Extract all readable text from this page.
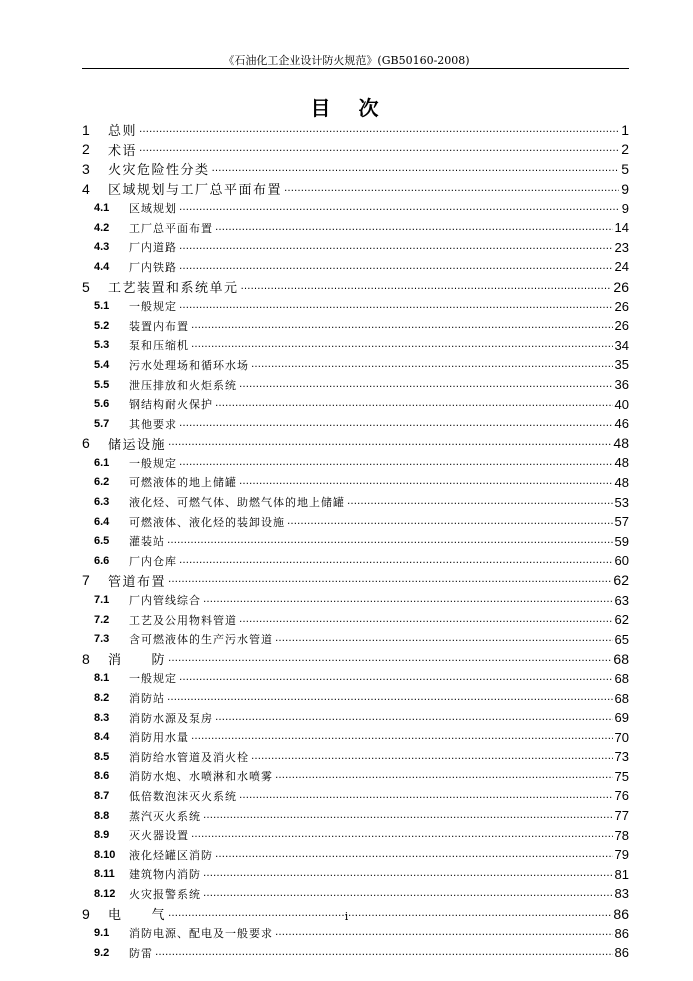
《石油化工企业设计防火规范》(GB50160-2008)
目　次
1	总则 ……………………………………………………………………………………………………………………………………………………………………………………………………	1
2	术语 ……………………………………………………………………………………………………………………………………………………………………………………………………	2
3	火灾危险性分类 ……………………………………………………………………………………………………………………………………………………………………………………………………	5
4	区域规划与工厂总平面布置 ……………………………………………………………………………………………………………………………………………………………………………………………………	9
4.1	区域规划 ……………………………………………………………………………………………………………………………………………………………………………………………………	9
4.2	工厂总平面布置 ……………………………………………………………………………………………………………………………………………………………………………………………………	14
4.3	厂内道路 ……………………………………………………………………………………………………………………………………………………………………………………………………	23
4.4	厂内铁路 ……………………………………………………………………………………………………………………………………………………………………………………………………	24
5	工艺装置和系统单元 ……………………………………………………………………………………………………………………………………………………………………………………………………	26
5.1	一般规定 ……………………………………………………………………………………………………………………………………………………………………………………………………	26
5.2	装置内布置 ……………………………………………………………………………………………………………………………………………………………………………………………………	26
5.3	泵和压缩机 ……………………………………………………………………………………………………………………………………………………………………………………………………	34
5.4	污水处理场和循环水场 ……………………………………………………………………………………………………………………………………………………………………………………………………	35
5.5	泄压排放和火炬系统 ……………………………………………………………………………………………………………………………………………………………………………………………………	36
5.6	钢结构耐火保护 ……………………………………………………………………………………………………………………………………………………………………………………………………	40
5.7	其他要求 ……………………………………………………………………………………………………………………………………………………………………………………………………	46
6	储运设施 ……………………………………………………………………………………………………………………………………………………………………………………………………	48
6.1	一般规定 ……………………………………………………………………………………………………………………………………………………………………………………………………	48
6.2	可燃液体的地上储罐 ……………………………………………………………………………………………………………………………………………………………………………………………………	48
6.3	液化烃、可燃气体、助燃气体的地上储罐 ……………………………………………………………………………………………………………………………………………………………………………………………………	53
6.4	可燃液体、液化烃的装卸设施 ……………………………………………………………………………………………………………………………………………………………………………………………………	57
6.5	灌装站 ……………………………………………………………………………………………………………………………………………………………………………………………………	59
6.6	厂内仓库 ……………………………………………………………………………………………………………………………………………………………………………………………………	60
7	管道布置 ……………………………………………………………………………………………………………………………………………………………………………………………………	62
7.1	厂内管线综合 ……………………………………………………………………………………………………………………………………………………………………………………………………	63
7.2	工艺及公用物料管道 ……………………………………………………………………………………………………………………………………………………………………………………………………	62
7.3	含可燃液体的生产污水管道 ……………………………………………………………………………………………………………………………………………………………………………………………………	65
8	消　　防 ……………………………………………………………………………………………………………………………………………………………………………………………………	68
8.1	一般规定 ……………………………………………………………………………………………………………………………………………………………………………………………………	68
8.2	消防站 ……………………………………………………………………………………………………………………………………………………………………………………………………	68
8.3	消防水源及泵房 ……………………………………………………………………………………………………………………………………………………………………………………………………	69
8.4	消防用水量 ……………………………………………………………………………………………………………………………………………………………………………………………………	70
8.5	消防给水管道及消火栓 ……………………………………………………………………………………………………………………………………………………………………………………………………	73
8.6	消防水炮、水喷淋和水喷雾 ……………………………………………………………………………………………………………………………………………………………………………………………………	75
8.7	低倍数泡沫灭火系统 ……………………………………………………………………………………………………………………………………………………………………………………………………	76
8.8	蒸汽灭火系统 ……………………………………………………………………………………………………………………………………………………………………………………………………	77
8.9	灭火器设置 ……………………………………………………………………………………………………………………………………………………………………………………………………	78
8.10	液化烃罐区消防 ……………………………………………………………………………………………………………………………………………………………………………………………………	79
8.11	建筑物内消防 ……………………………………………………………………………………………………………………………………………………………………………………………………	81
8.12	火灾报警系统 ……………………………………………………………………………………………………………………………………………………………………………………………………	83
9	电　　气 ……………………………………………………………………………………………………………………………………………………………………………………………………	86
9.1	消防电源、配电及一般要求 ……………………………………………………………………………………………………………………………………………………………………………………………………	86
9.2	防雷 ……………………………………………………………………………………………………………………………………………………………………………………………………	86
i
